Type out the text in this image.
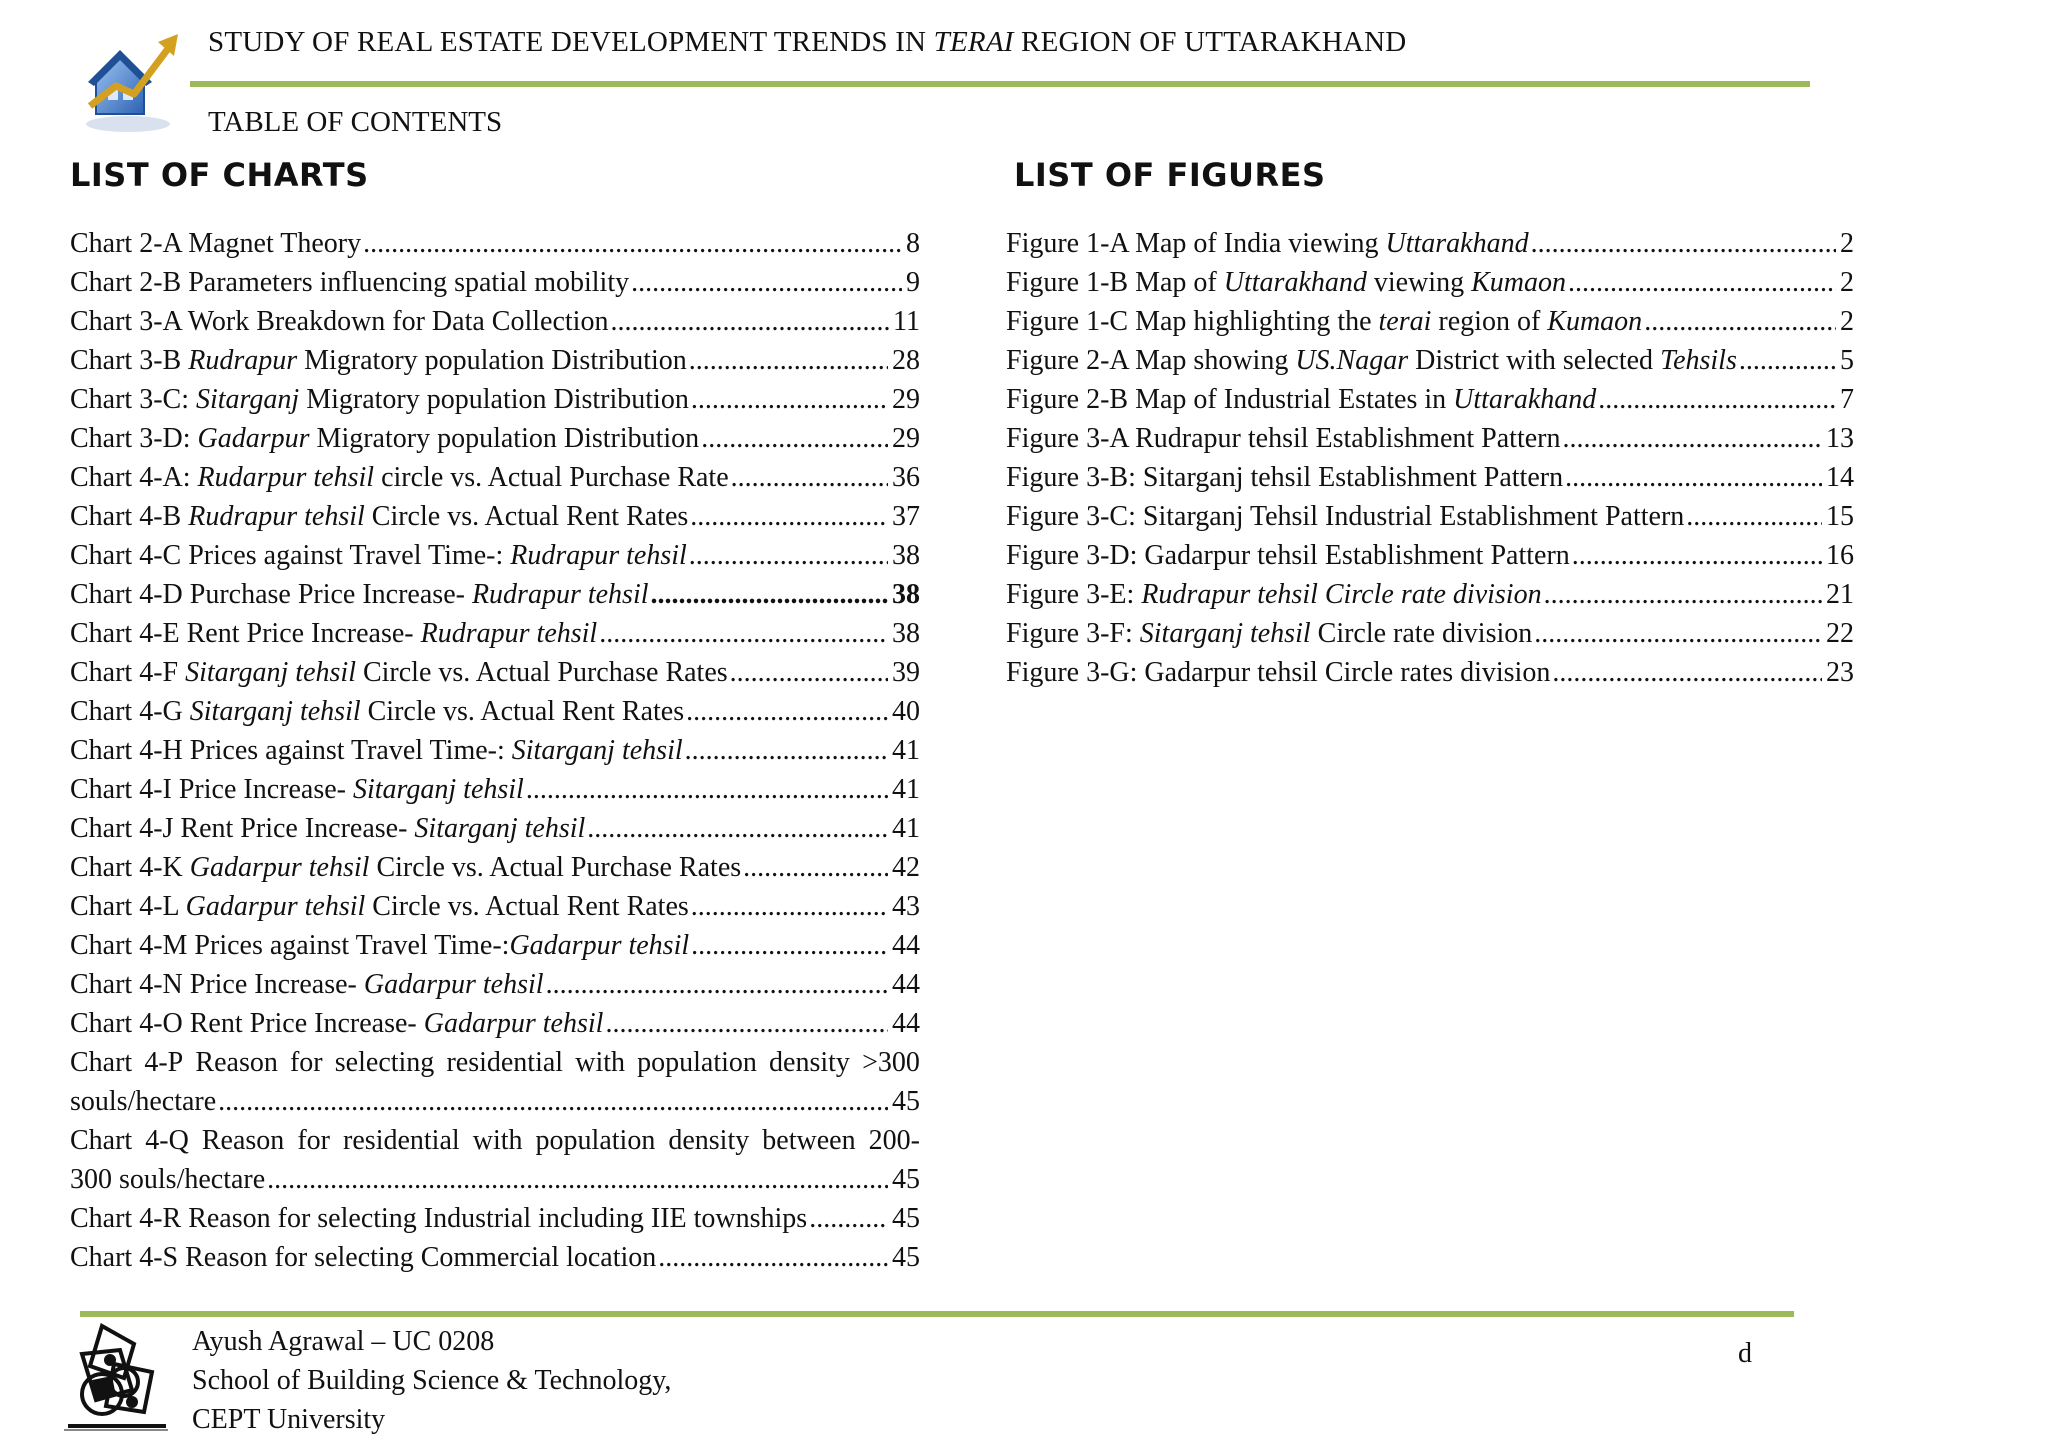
STUDY OF REAL ESTATE DEVELOPMENT TRENDS IN TERAI REGION OF UTTARAKHAND
TABLE OF CONTENTS
LIST OF CHARTS	LIST OF FIGURES
Chart 2-A Magnet Theory .....	8
Chart 2-B Parameters influencing spatial mobility .....	9
Chart 3-A Work Breakdown for Data Collection .....	11
Chart 3-B Rudrapur Migratory population Distribution .....	28
Chart 3-C: Sitarganj Migratory population Distribution .....	29
Chart 3-D: Gadarpur Migratory population Distribution .....	29
Chart 4-A: Rudarpur tehsil circle vs. Actual Purchase Rate .....	36
Chart 4-B Rudrapur tehsil Circle vs. Actual Rent Rates .....	37
Chart 4-C Prices against Travel Time-: Rudrapur tehsil .....	38
Chart 4-D Purchase Price Increase- Rudrapur tehsil .....	38
Chart 4-E Rent Price Increase- Rudrapur tehsil .....	38
Chart 4-F Sitarganj tehsil Circle vs. Actual Purchase Rates .....	39
Chart 4-G Sitarganj tehsil Circle vs. Actual Rent Rates .....	40
Chart 4-H Prices against Travel Time-: Sitarganj tehsil .....	41
Chart 4-I Price Increase- Sitarganj tehsil .....	41
Chart 4-J Rent Price Increase- Sitarganj tehsil .....	41
Chart 4-K Gadarpur tehsil Circle vs. Actual Purchase Rates .....	42
Chart 4-L Gadarpur tehsil Circle vs. Actual Rent Rates .....	43
Chart 4-M Prices against Travel Time-:Gadarpur tehsil .....	44
Chart 4-N Price Increase- Gadarpur tehsil .....	44
Chart 4-O Rent Price Increase- Gadarpur tehsil .....	44
Chart 4-P Reason for selecting residential with population density >300
souls/hectare .....	45
Chart 4-Q Reason for residential with population density between 200-
300 souls/hectare .....	45
Chart 4-R Reason for selecting Industrial including IIE townships .....	45
Chart 4-S Reason for selecting Commercial location .....	45
Figure 1-A Map of India viewing Uttarakhand .....	2
Figure 1-B Map of Uttarakhand viewing Kumaon .....	2
Figure 1-C Map highlighting the terai region of Kumaon .....	2
Figure 2-A Map showing US.Nagar District with selected Tehsils .....	5
Figure 2-B Map of Industrial Estates in Uttarakhand .....	7
Figure 3-A Rudrapur tehsil Establishment Pattern .....	13
Figure 3-B: Sitarganj tehsil Establishment Pattern .....	14
Figure 3-C: Sitarganj Tehsil Industrial Establishment Pattern .....	15
Figure 3-D: Gadarpur tehsil Establishment Pattern .....	16
Figure 3-E: Rudrapur tehsil Circle rate division .....	21
Figure 3-F: Sitarganj tehsil Circle rate division .....	22
Figure 3-G: Gadarpur tehsil Circle rates division .....	23
Ayush Agrawal – UC 0208
School of Building Science & Technology,
CEPT University
d
